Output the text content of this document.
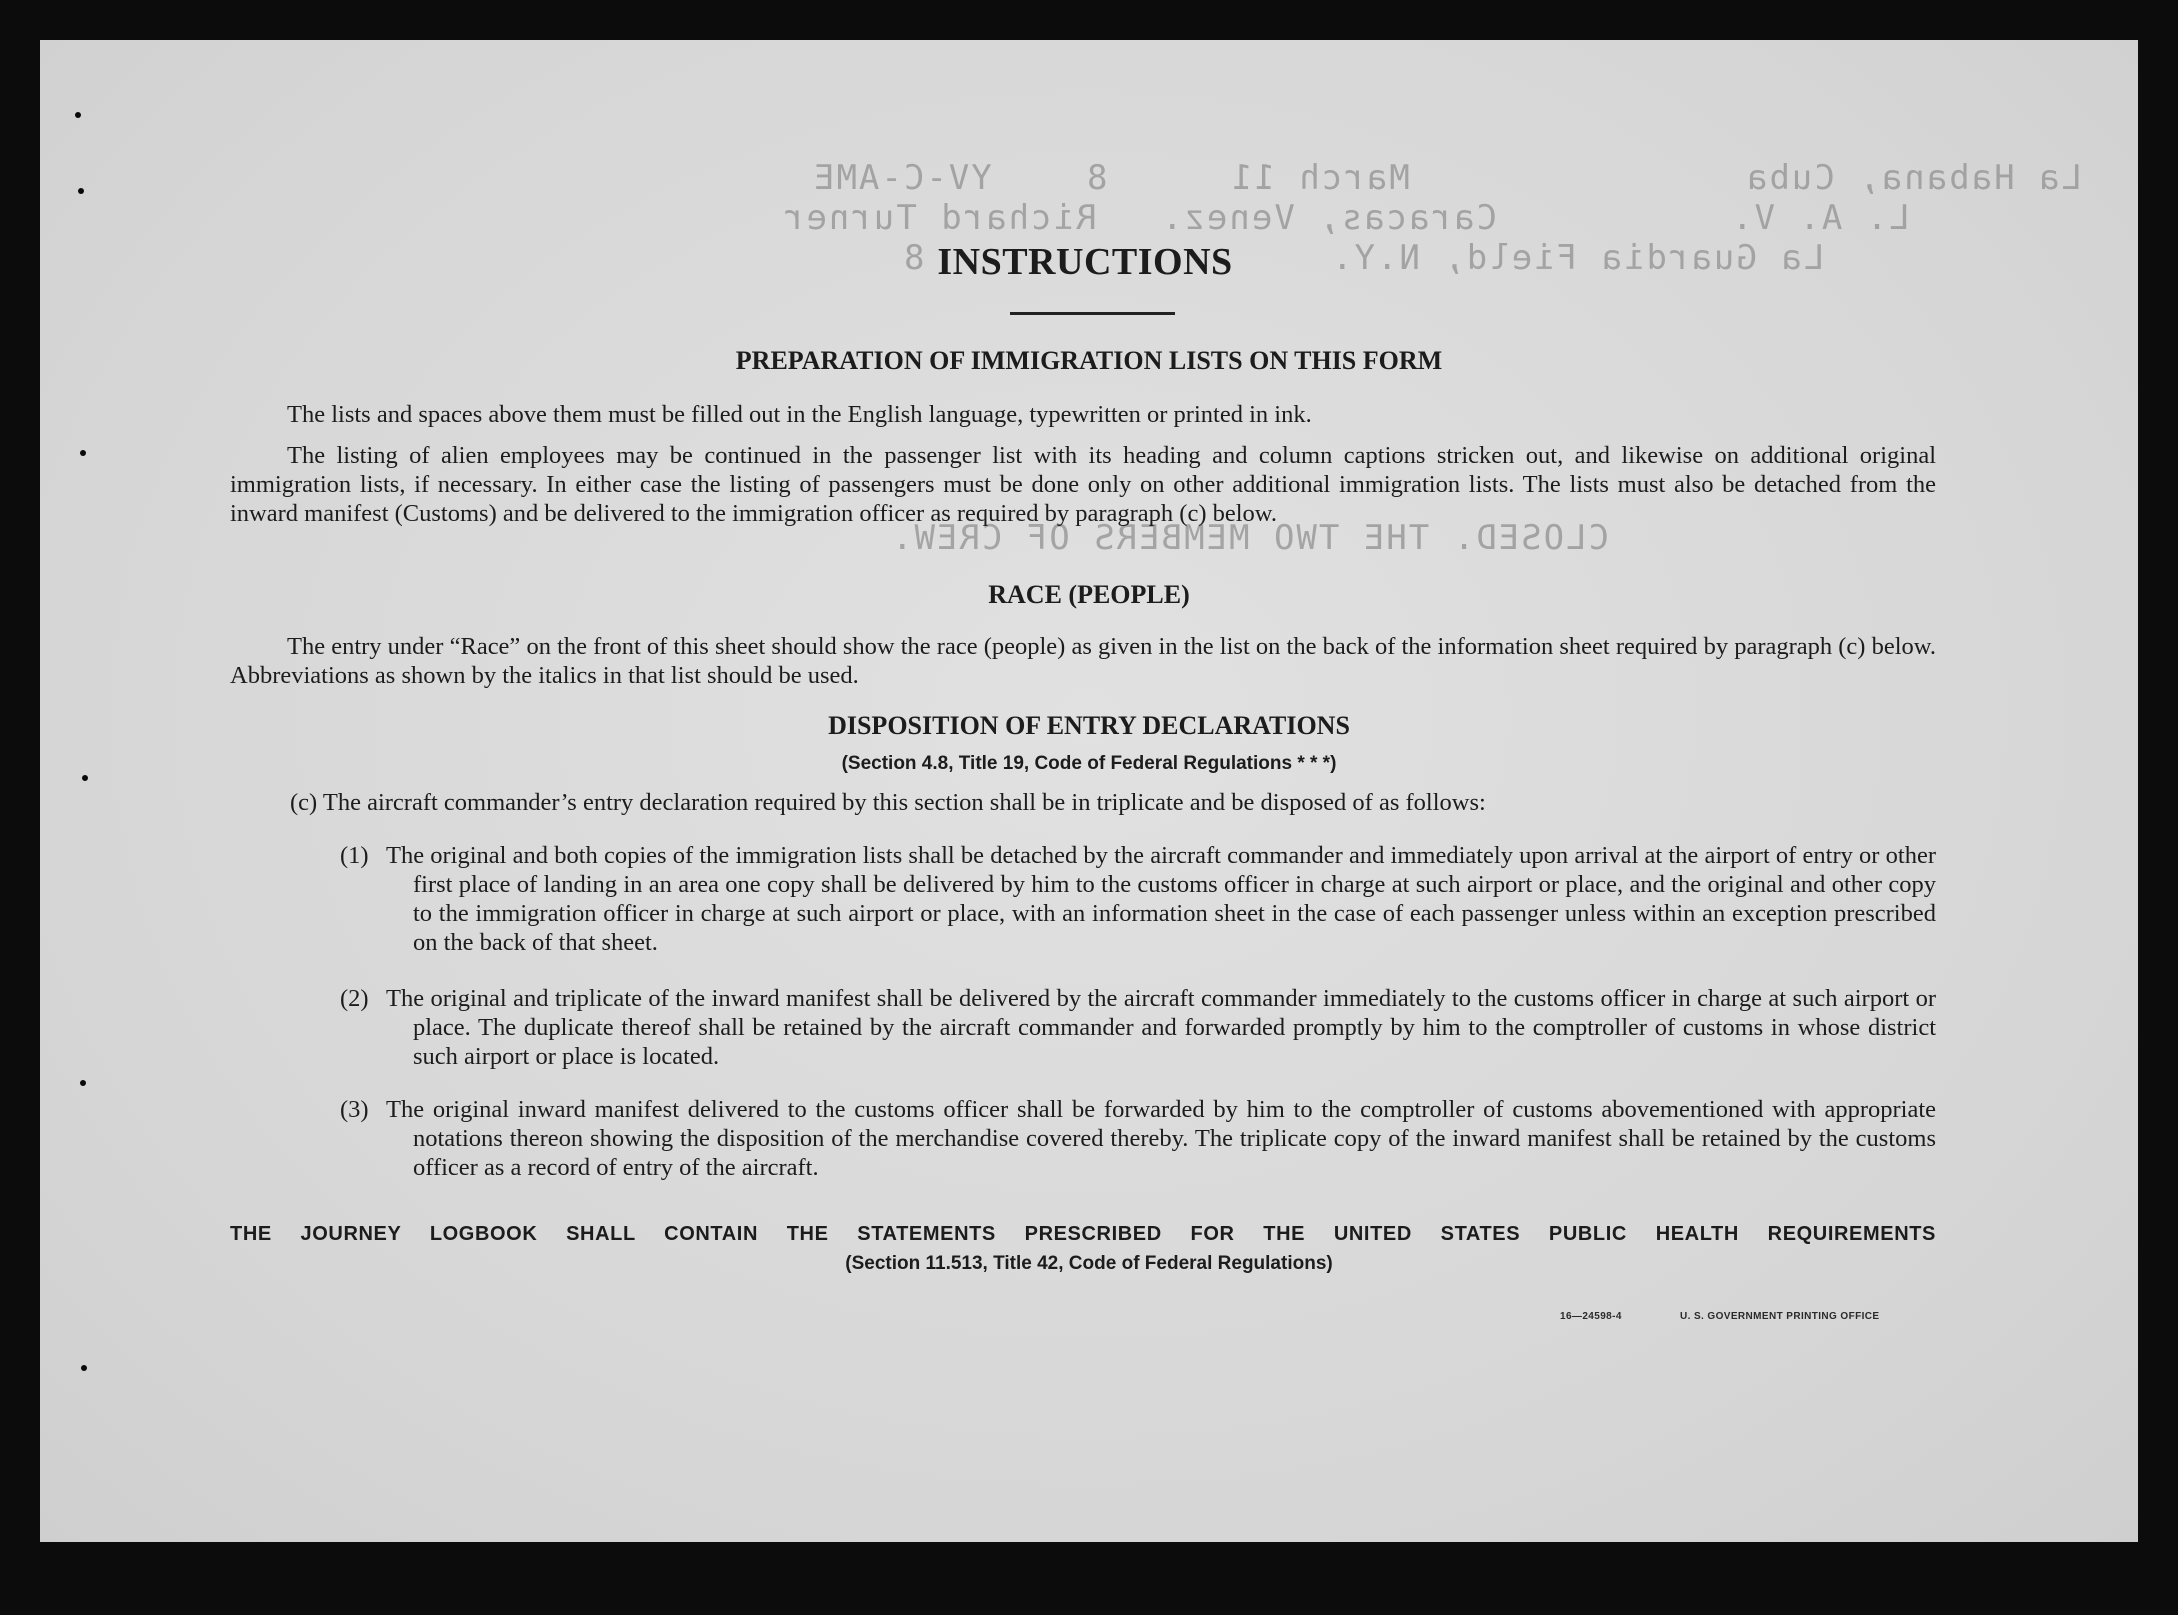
YV-C-AME	8	March 11	La Habana, Cuba
Richard Turner Caracas, Venez.	L. A. V.
8	La Guardia Field, N.Y.
CLOSED. THE TWO MEMBERS OF CREW.
INSTRUCTIONS
PREPARATION OF IMMIGRATION LISTS ON THIS FORM
The lists and spaces above them must be filled out in the English language, typewritten or printed in ink.
The listing of alien employees may be continued in the passenger list with its heading and column captions stricken out, and likewise on additional original immigration lists, if necessary. In either case the listing of passengers must be done only on other additional immigration lists. The lists must also be detached from the inward manifest (Customs) and be delivered to the immigration officer as required by paragraph (c) below.
RACE (PEOPLE)
The entry under “Race” on the front of this sheet should show the race (people) as given in the list on the back of the information sheet required by paragraph (c) below. Abbreviations as shown by the italics in that list should be used.
DISPOSITION OF ENTRY DECLARATIONS
(Section 4.8, Title 19, Code of Federal Regulations * * *)
(c) The aircraft commander’s entry declaration required by this section shall be in triplicate and be disposed of as follows:
(1) The original and both copies of the immigration lists shall be detached by the aircraft commander and immediately upon arrival at the airport of entry or other first place of landing in an area one copy shall be delivered by him to the customs officer in charge at such airport or place, and the original and other copy to the immigration officer in charge at such airport or place, with an information sheet in the case of each passenger unless within an exception prescribed on the back of that sheet.
(2) The original and triplicate of the inward manifest shall be delivered by the aircraft commander immediately to the customs officer in charge at such airport or place. The duplicate thereof shall be retained by the aircraft commander and forwarded promptly by him to the comptroller of customs in whose district such airport or place is located.
(3) The original inward manifest delivered to the customs officer shall be forwarded by him to the comptroller of customs abovementioned with appropriate notations thereon showing the disposition of the merchandise covered thereby. The triplicate copy of the inward manifest shall be retained by the customs officer as a record of entry of the aircraft.
THE JOURNEY LOGBOOK SHALL CONTAIN THE STATEMENTS PRESCRIBED FOR THE UNITED STATES PUBLIC HEALTH REQUIREMENTS
(Section 11.513, Title 42, Code of Federal Regulations)
16—24598-4	U. S. GOVERNMENT PRINTING OFFICE
